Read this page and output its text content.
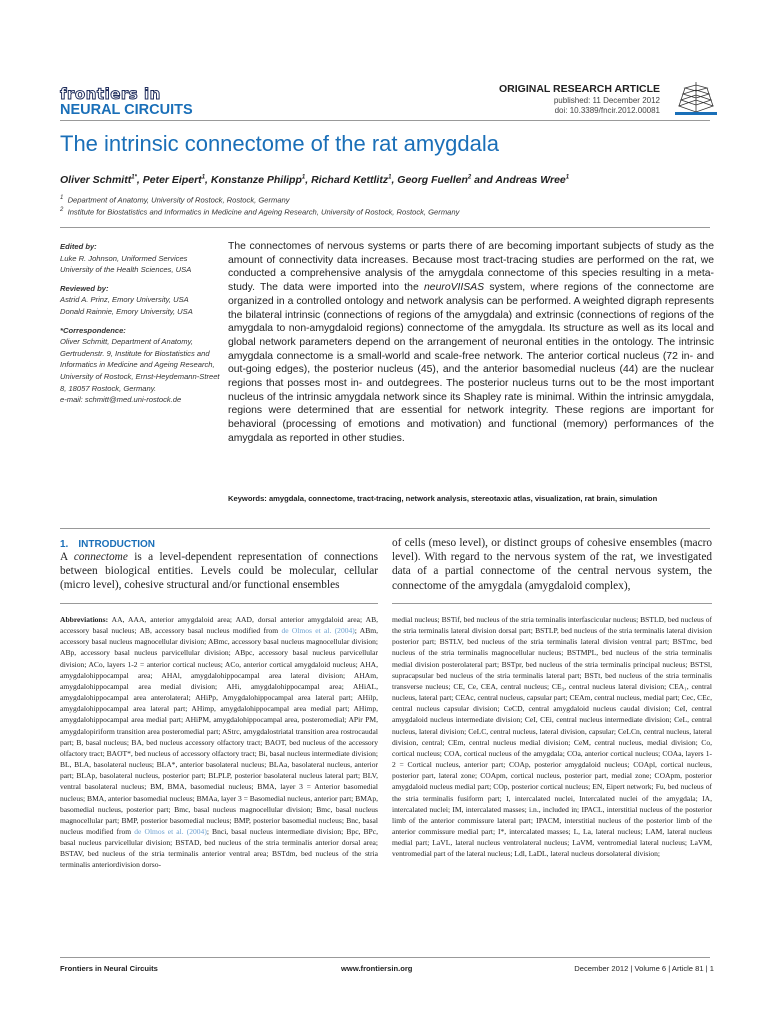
frontiers in
NEURAL CIRCUITS
ORIGINAL RESEARCH ARTICLE
published: 11 December 2012
doi: 10.3389/fncir.2012.00081
The intrinsic connectome of the rat amygdala
Oliver Schmitt$^{1*}$, Peter Eipert$^1$, Konstanze Philipp$^1$, Richard Kettlitz$^1$, Georg Fuellen$^2$ and Andreas Wree$^1$
$^1$ Department of Anatomy, University of Rostock, Rostock, Germany
$^2$ Institute for Biostatistics and Informatics in Medicine and Ageing Research, University of Rostock, Rostock, Germany
Edited by:
Luke R. Johnson, Uniformed Services University of the Health Sciences, USA
Reviewed by:
Astrid A. Prinz, Emory University, USA
Donald Rainnie, Emory University, USA
*Correspondence:
Oliver Schmitt, Department of Anatomy, Gertrudenstr. 9, Institute for Biostatistics and Informatics in Medicine and Ageing Research, University of Rostock, Ernst-Heydemann-Street 8, 18057 Rostock, Germany.
e-mail: schmitt@med.uni-rostock.de
The connectomes of nervous systems or parts there of are becoming important subjects of study as the amount of connectivity data increases. Because most tract-tracing studies are performed on the rat, we conducted a comprehensive analysis of the amygdala connectome of this species resulting in a meta-study. The data were imported into the neuroVIISAS system, where regions of the connectome are organized in a controlled ontology and network analysis can be performed. A weighted digraph represents the bilateral intrinsic (connections of regions of the amygdala) and extrinsic (connections of regions of the amygdala to non-amygdaloid regions) connectome of the amygdala. Its structure as well as its local and global network parameters depend on the arrangement of neuronal entities in the ontology. The intrinsic amygdala connectome is a small-world and scale-free network. The anterior cortical nucleus (72 in- and out-going edges), the posterior nucleus (45), and the anterior basomedial nucleus (44) are the nuclear regions that posses most in- and outdegrees. The posterior nucleus turns out to be the most important nucleus of the intrinsic amygdala network since its Shapley rate is minimal. Within the intrinsic amygdala, regions were determined that are essential for network integrity. These regions are important for behavioral (processing of emotions and motivation) and functional (memory) performances of the amygdala as reported in other studies.
Keywords: amygdala, connectome, tract-tracing, network analysis, stereotaxic atlas, visualization, rat brain, simulation
1. INTRODUCTION
A connectome is a level-dependent representation of connections between biological entities. Levels could be molecular, cellular (micro level), cohesive structural and/or functional ensembles
of cells (meso level), or distinct groups of cohesive ensembles (macro level). With regard to the nervous system of the rat, we investigated data of a partial connectome of the central nervous system, the connectome of the amygdala (amygdaloid complex),
Abbreviations: AA, AAA, anterior amygdaloid area; AAD, dorsal anterior amygdaloid area; AB, accessory basal nucleus; AB, accessory basal nucleus modified from de Olmos et al. (2004); ABm, accessory basal nucleus magnocellular division; ABmc, accessory basal nucleus magnocellular division; ABp, accessory basal nucleus parvicellular division; ABpc, accessory basal nucleus parvicellular division; ACo, layers 1-2 = anterior cortical nucleus; ACo, anterior cortical amygdaloid nucleus; AHA, amygdalohippocampal area; AHAl, amygdalohippocampal area lateral division; AHAm, amygdalohippocampal area medial division; AHi, amygdalohippocampal area; AHiAL, amygdalohippocampal area anterolateral; AHiPp, Amygdalohippocampal area lateral part; AHilp, amygdalohippocampal area lateral part; AHimp, amygdalohippocampal area medial part; AHimp, amygdalohippocampal area medial part; AHiPM, amygdalohippocampal area, posteromedial; APir PM, amygdalopiriform transition area posteromedial part; AStrc, amygdalostriatal transition area rostrocaudal part; B, basal nucleus; BA, bed nucleus accessory olfactory tract; BAOT, bed nucleus of the accessory olfactory tract; BAOT*, bed nucleus of accessory olfactory tract; Bi, basal nucleus intermediate division; BL, BLA, basolateral nucleus; BLA*, anterior basolateral nucleus; BLAa, basolateral nucleus, anterior part; BLAp, basolateral nucleus, posterior part; BLPLP, posterior basolateral nucleus lateral part; BLV, ventral basolateral nucleus; BM, BMA, basomedial nucleus; BMA, layer 3 = Anterior basomedial nucleus; BMA, anterior basomedial nucleus; BMAa, layer 3 = Basomedial nucleus, anterior part; BMAp, basomedial nucleus, posterior part; Bmc, basal nucleus magnocellular division; Bmc, basal nucleus magnocellular part; BMP, posterior basomedial nucleus; BMP, posterior basomedial nucleus; Bnc, basal nucleus modified from de Olmos et al. (2004); Bnci, basal nucleus intermediate division; Bpc, BPc, basal nucleus parvicellular division; BSTAD, bed nucleus of the stria terminalis anterior dorsal area; BSTAV, bed nucleus of the stria terminalis anterior ventral area; BSTdm, bed nucleus of the stria terminalis anteriordivision dorso-
medial nucleus; BSTif, bed nucleus of the stria terminalis interfascicular nucleus; BSTLD, bed nucleus of the stria terminalis lateral division dorsal part; BSTLP, bed nucleus of the stria terminalis lateral division posterior part; BSTLV, bed nucleus of the stria terminalis lateral division ventral part; BSTmc, bed nucleus of the stria terminalis magnocellular nucleus; BSTMPL, bed nucleus of the stria terminalis medial division posterolateral part; BSTpr, bed nucleus of the stria terminalis principal nucleus; BSTSl, supracapsular bed nucleus of the stria terminalis lateral part; BSTt, bed nucleus of the stria terminalis transverse nucleus; CE, Ce, CEA, central nucleus; CE₃, central nucleus lateral division; CEA₁, central nucleus, lateral part; CEAc, central nucleus, capsular part; CEAm, central nucleus, medial part; Cec, CEc, central nucleus capsular division; CeCD, central amygdaloid nucleus caudal division; CeI, central amygdaloid nucleus intermediate division; CeI, CEi, central nucleus intermediate division; CeL, central nucleus, lateral division; CeLC, central nucleus, lateral division, capsular; CeLCn, central nucleus, lateral division, central; CEm, central nucleus medial division; CeM, central nucleus, medial division; Co, cortical nucleus; COA, cortical nucleus of the amygdala; COa, anterior cortical nucleus; COAa, layers 1-2 = Cortical nucleus, anterior part; COAp, posterior amygdaloid nucleus; COApl, cortical nucleus, posterior part, lateral zone; COApm, cortical nucleus, posterior part, medial zone; COApm, posterior amygdaloid nucleus medial part; COp, posterior cortical nucleus; EN, Eipert network; Fu, bed nucleus of the stria terminalis fusiform part; I, intercalated nuclei, Intercalated nuclei of the amygdala; IA, intercalated nuclei; IM, intercalated masses; i.n., included in; IPACL, interstitial nucleus of the posterior limb of the anterior commissure lateral part; IPACM, interstitial nucleus of the posterior limb of the anterior commissure medial part; I*, intercalated masses; L, La, lateral nucleus; LAM, lateral nucleus medial part; LaVL, lateral nucleus ventrolateral nucleus; LaVM, ventromedial lateral nucleus; LaVM, ventromedial part of the lateral nucleus; Ldl, LaDL, lateral nucleus dorsolateral division;
Frontiers in Neural Circuits	www.frontiersin.org	December 2012 | Volume 6 | Article 81 | 1
